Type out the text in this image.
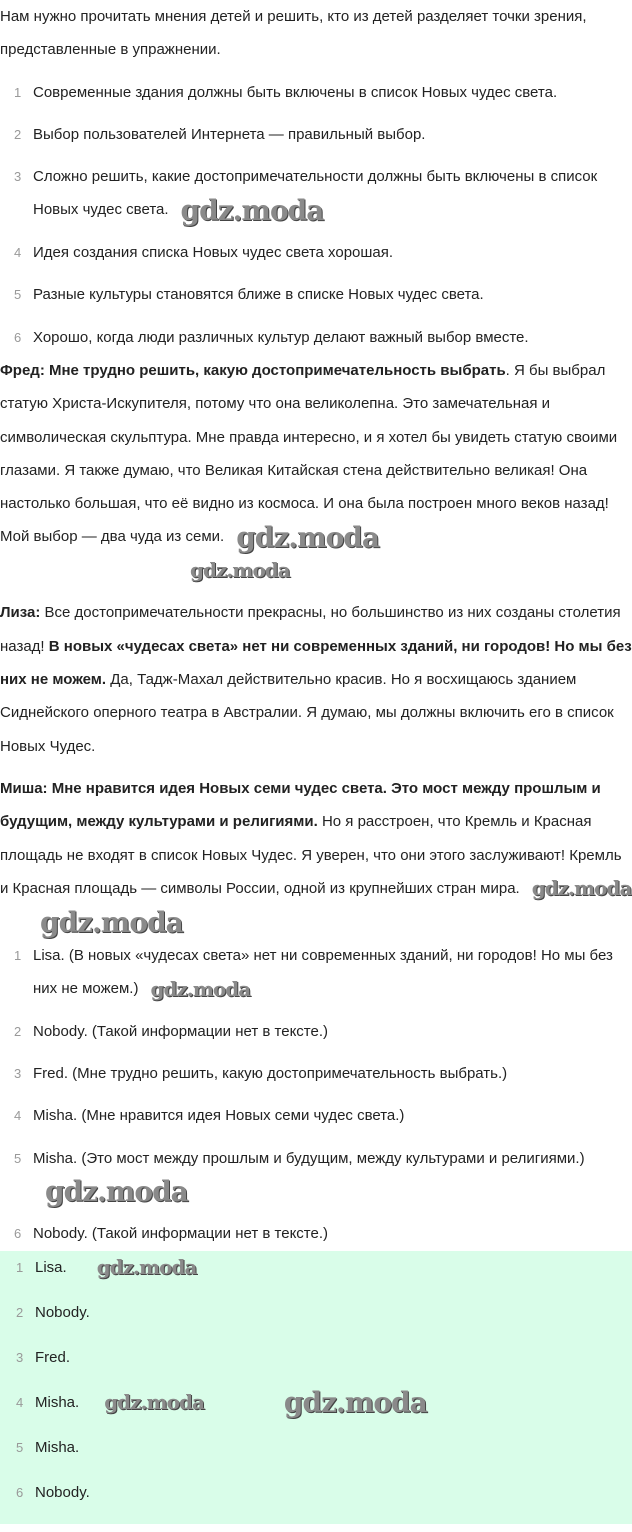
Нам нужно прочитать мнения детей и решить, кто из детей разделяет точки зрения, представленные в упражнении.

1 Современные здания должны быть включены в список Новых чудес света.
2 Выбор пользователей Интернета — правильный выбор.
3 Сложно решить, какие достопримечательности должны быть включены в список Новых чудес света. gdz.moda
4 Идея создания списка Новых чудес света хорошая.
5 Разные культуры становятся ближе в списке Новых чудес света.
6 Хорошо, когда люди различных культур делают важный выбор вместе.

Фред: Мне трудно решить, какую достопримечательность выбрать. Я бы выбрал статую Христа-Искупителя, потому что она великолепна. Это замечательная и символическая скульптура. Мне правда интересно, и я хотел бы увидеть статую своими глазами. Я также думаю, что Великая Китайская стена действительно великая! Она настолько большая, что её видно из космоса. И она была построен много веков назад! Мой выбор — два чуда из семи. gdz.modagdz.moda

Лиза: Все достопримечательности прекрасны, но большинство из них созданы столетия назад! В новых «чудесах света» нет ни современных зданий, ни городов! Но мы без них не можем. Да, Тадж-Махал действительно красив. Но я восхищаюсь зданием Сиднейского оперного театра в Австралии. Я думаю, мы должны включить его в список Новых Чудес.

Миша: Мне нравится идея Новых семи чудес света. Это мост между прошлым и будущим, между культурами и религиями. Но я расстроен, что Кремль и Красная площадь не входят в список Новых Чудес. Я уверен, что они этого заслуживают! Кремль и Красная площадь — символы России, одной из крупнейших стран мира. gdz.modagdz.moda

1 Lisa. (В новых «чудесах света» нет ни современных зданий, ни городов! Но мы без них не можем.) gdz.moda
2 Nobody. (Такой информации нет в тексте.)
3 Fred. (Мне трудно решить, какую достопримечательность выбрать.)
4 Misha. (Мне нравится идея Новых семи чудес света.)
5 Misha. (Это мост между прошлым и будущим, между культурами и религиями.)gdz.moda
6 Nobody. (Такой информации нет в тексте.)
1 Lisa. gdz.moda
2 Nobody.
3 Fred.
4 Misha. gdz.moda	gdz.moda
5 Misha.
6 Nobody.
